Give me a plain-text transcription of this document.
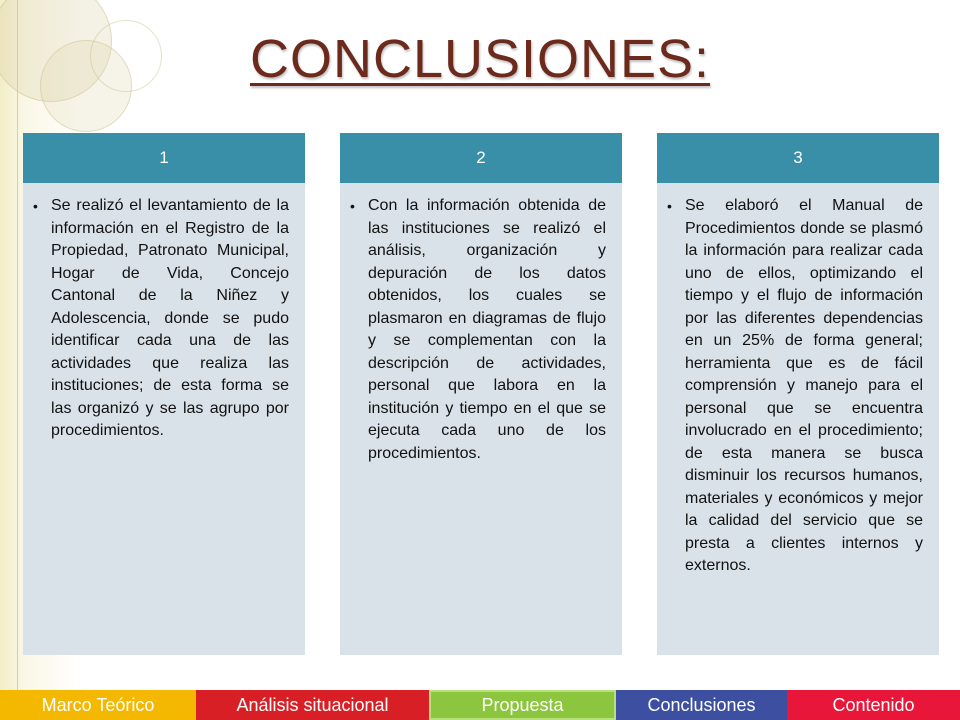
CONCLUSIONES:
1
• Se realizó el levantamiento de la información en el Registro de la Propiedad, Patronato Municipal, Hogar de Vida, Concejo Cantonal de la Niñez y Adolescencia, donde se pudo identificar cada una de las actividades que realiza las instituciones; de esta forma se las organizó y se las agrupo por procedimientos.

2
• Con la información obtenida de las instituciones se realizó el análisis, organización y depuración de los datos obtenidos, los cuales se plasmaron en diagramas de flujo y se complementan con la descripción de actividades, personal que labora en la institución y tiempo en el que se ejecuta cada uno de los procedimientos.

3
• Se elaboró el Manual de Procedimientos donde se plasmó la información para realizar cada uno de ellos, optimizando el tiempo y el flujo de información por las diferentes dependencias en un 25% de forma general; herramienta que es de fácil comprensión y manejo para el personal que se encuentra involucrado en el procedimiento; de esta manera se busca disminuir los recursos humanos, materiales y económicos y mejor la calidad del servicio que se presta a clientes internos y externos.

Marco Teórico	Análisis situacional	Propuesta	Conclusiones	Contenido
